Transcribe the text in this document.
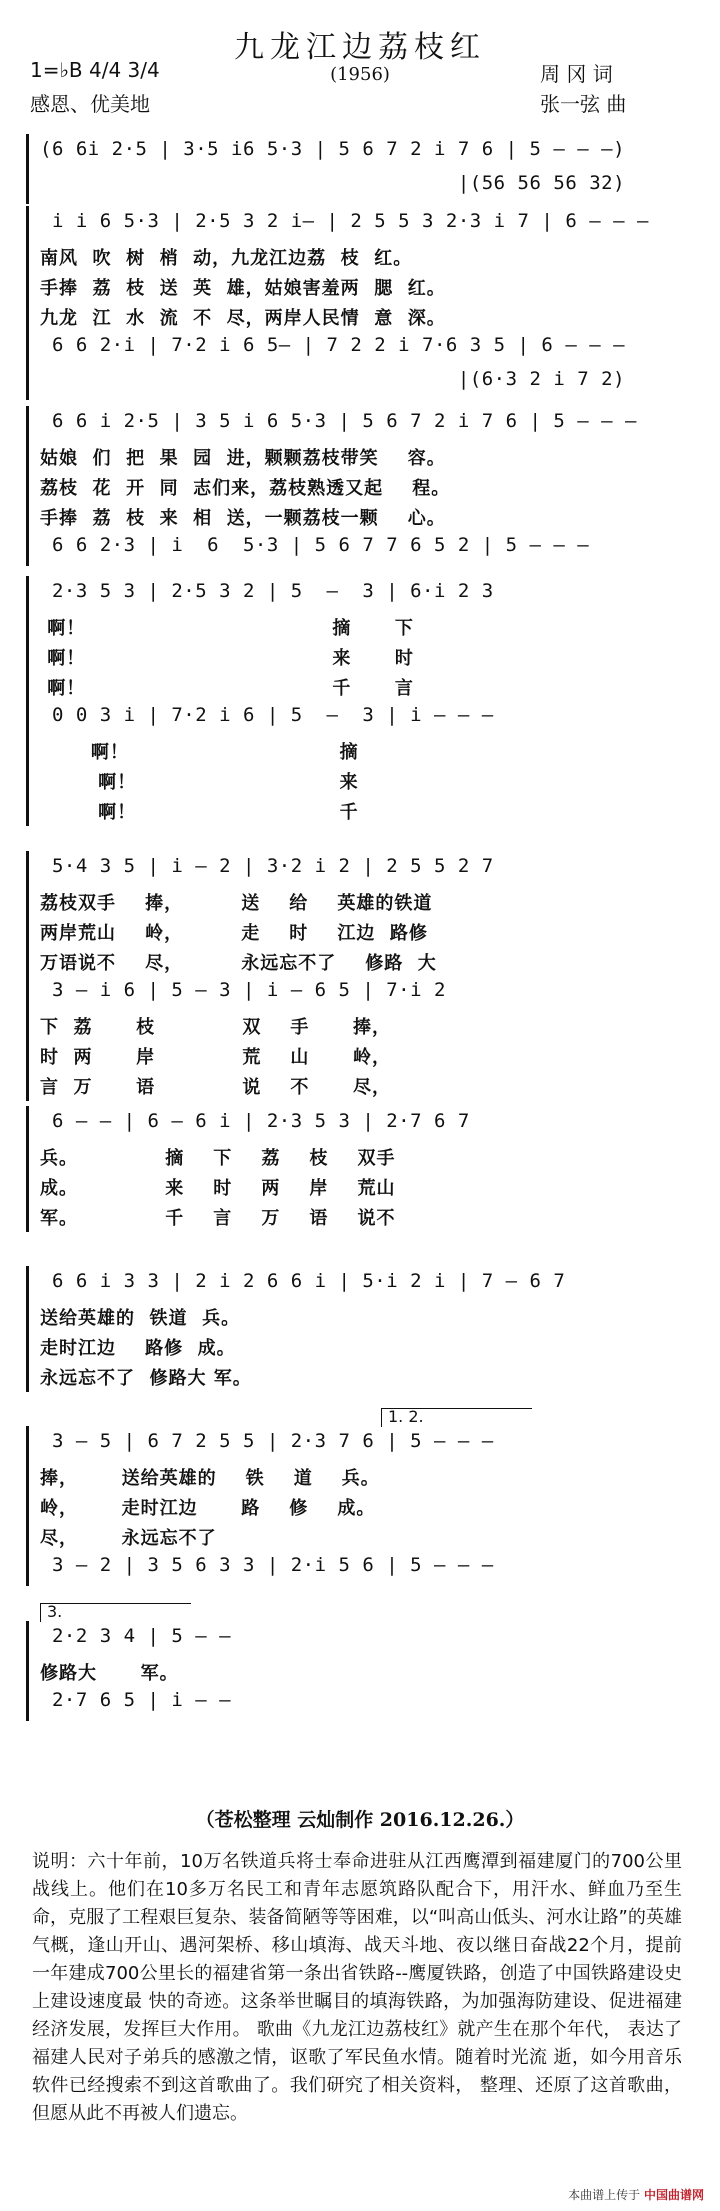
九龙江边荔枝红
(1956)
1=♭B 4/4 3/4
感恩、优美地
周 冈 词
张一弦 曲
(6 6i 2·5 | 3·5 i6 5·3 | 5 6 7 2 i 7 6 | 5 — — —)
|(56 56 56 32)
i i 6 5·3 | 2·5 3 2 i— | 2 5 5 3 2·3 i 7 | 6 — — —
南风  吹  树  梢  动，九龙江边荔  枝  红。
手捧  荔  枝  送  英  雄，姑娘害羞两  腮  红。
九龙  江  水  流  不  尽，两岸人民情  意  深。
6 6 2·i | 7·2 i 6 5— | 7 2 2 i 7·6 3 5 | 6 — — —
|(6·3 2 i 7 2)
6 6 i 2·5 | 3 5 i 6 5·3 | 5 6 7 2 i 7 6 | 5 — — —
姑娘  们  把  果  园  进，颗颗荔枝带笑    容。
荔枝  花  开  同  志们来，荔枝熟透又起    程。
手捧  荔  枝  来  相  送，一颗荔枝一颗    心。
6 6 2·3 | i  6  5·3 | 5 6 7 7 6 5 2 | 5 — — —
2·3 5 3 | 2·5 3 2 | 5  —  3 | 6·i 2 3
啊！                                  摘      下
啊！                                  来      时
啊！                                  千      言
0 0 3 i | 7·2 i 6 | 5  —  3 | i — — —
啊！                             摘
啊！                            来
啊！                            千
5·4 3 5 | i — 2 | 3·2 i 2 | 2 5 5 2 7
荔枝双手    捧，        送    给    英雄的铁道
两岸荒山    岭，        走    时    江边  路修
万语说不    尽，        永远忘不了    修路  大
3 — i 6 | 5 — 3 | i — 6 5 | 7·i 2
下  荔      枝            双    手      捧，
时  两      岸            荒    山      岭，
言  万      语            说    不      尽，
6 — — | 6 — 6 i | 2·3 5 3 | 2·7 6 7
兵。            摘    下    荔    枝    双手
成。            来    时    两    岸    荒山
军。            千    言    万    语    说不
6 6 i 3 3 | 2 i 2 6 6 i | 5·i 2 i | 7 — 6 7
送给英雄的  铁道  兵。
走时江边    路修  成。
永远忘不了  修路大 军。
1. 2.
3 — 5 | 6 7 2 5 5 | 2·3 7 6 | 5 — — —
捧，      送给英雄的    铁    道    兵。
岭，      走时江边      路    修    成。
尽，      永远忘不了
3 — 2 | 3 5 6 3 3 | 2·i 5 6 | 5 — — —
3.
2·2 3 4 | 5 — —
修路大      军。
2·7 6 5 | i — —
（苍松整理 云灿制作 2016.12.26.）

说明：六十年前，10万名铁道兵将士奉命进驻从江西鹰潭到福建厦门的700公里战线上。他们在10多万名民工和青年志愿筑路队配合下，用汗水、鲜血乃至生命，克服了工程艰巨复杂、装备简陋等等困难，以“叫高山低头、河水让路”的英雄气概，逢山开山、遇河架桥、移山填海、战天斗地、夜以继日奋战22个月，提前一年建成700公里长的福建省第一条出省铁路--鹰厦铁路，创造了中国铁路建设史上建设速度最 快的奇迹。这条举世瞩目的填海铁路，为加强海防建设、促进福建经济发展，发挥巨大作用。 歌曲《九龙江边荔枝红》就产生在那个年代， 表达了福建人民对子弟兵的感激之情，讴歌了军民鱼水情。随着时光流 逝，如今用音乐软件已经搜索不到这首歌曲了。我们研究了相关资料， 整理、还原了这首歌曲，但愿从此不再被人们遗忘。

本曲谱上传于 中国曲谱网
